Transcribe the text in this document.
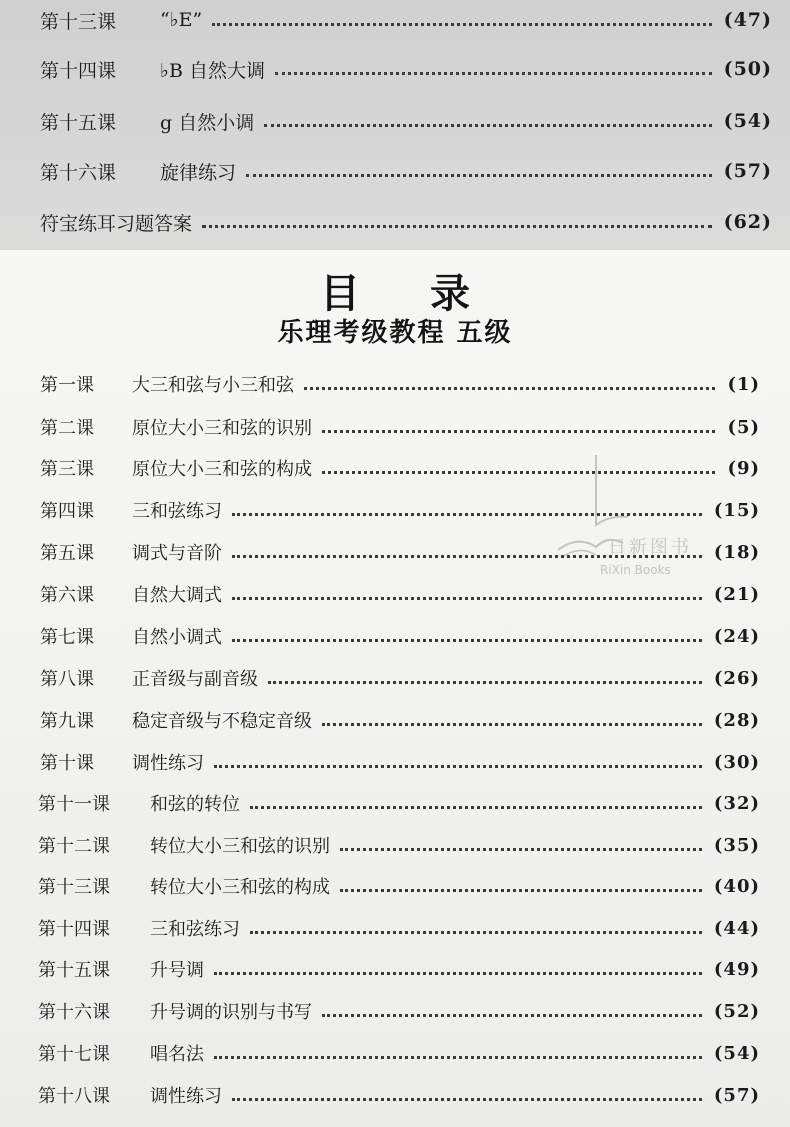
第十三课	“♭E”	(47)
第十四课	♭B 自然大调	(50)
第十五课	g 自然小调	(54)
第十六课	旋律练习	(57)
符宝练耳习题答案	(62)
目录
乐理考级教程 五级
日新图书
RiXin Books
第一课	大三和弦与小三和弦	(1)
第二课	原位大小三和弦的识别	(5)
第三课	原位大小三和弦的构成	(9)
第四课	三和弦练习	(15)
第五课	调式与音阶	(18)
第六课	自然大调式	(21)
第七课	自然小调式	(24)
第八课	正音级与副音级	(26)
第九课	稳定音级与不稳定音级	(28)
第十课	调性练习	(30)
第十一课	和弦的转位	(32)
第十二课	转位大小三和弦的识别	(35)
第十三课	转位大小三和弦的构成	(40)
第十四课	三和弦练习	(44)
第十五课	升号调	(49)
第十六课	升号调的识别与书写	(52)
第十七课	唱名法	(54)
第十八课	调性练习	(57)
